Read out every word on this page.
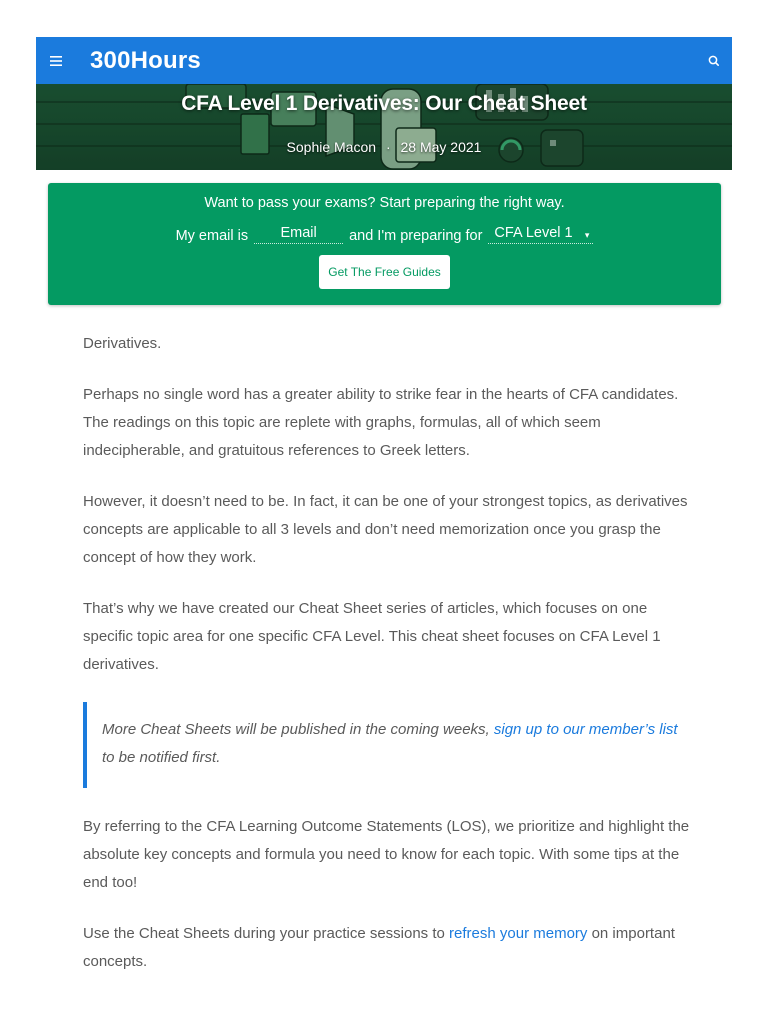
300Hours
CFA Level 1 Derivatives: Our Cheat Sheet
Sophie Macon · 28 May 2021
Want to pass your exams? Start preparing the right way.
My email is
Email	and I'm preparing for CFA Level 1 ▾
Get The Free Guides

Derivatives.

Perhaps no single word has a greater ability to strike fear in the hearts of CFA candidates. The readings on this topic are replete with graphs, formulas, all of which seem indecipherable, and gratuitous references to Greek letters.

However, it doesn’t need to be. In fact, it can be one of your strongest topics, as derivatives concepts are applicable to all 3 levels and don’t need memorization once you grasp the concept of how they work.

That’s why we have created our Cheat Sheet series of articles, which focuses on one specific topic area for one specific CFA Level. This cheat sheet focuses on CFA Level 1 derivatives.

More Cheat Sheets will be published in the coming weeks, sign up to our member’s list to be notified first.

By referring to the CFA Learning Outcome Statements (LOS), we prioritize and highlight the absolute key concepts and formula you need to know for each topic. With some tips at the end too!

Use the Cheat Sheets during your practice sessions to refresh your memory on important concepts.
